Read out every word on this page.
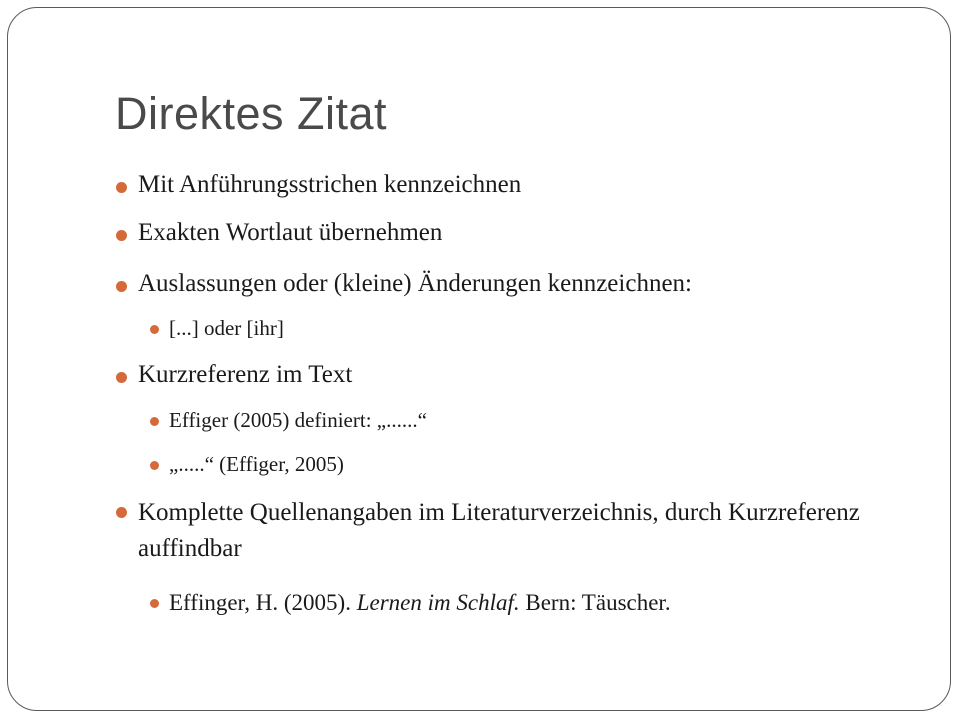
Direktes Zitat
Mit Anführungsstrichen kennzeichnen
Exakten Wortlaut übernehmen
Auslassungen oder (kleine) Änderungen kennzeichnen:
[...] oder [ihr]
Kurzreferenz im Text
Effiger (2005) definiert: „......“
„.....“ (Effiger, 2005)
Komplette Quellenangaben im Literaturverzeichnis, durch Kurzreferenz auffindbar
Effinger, H. (2005). Lernen im Schlaf. Bern: Täuscher.
